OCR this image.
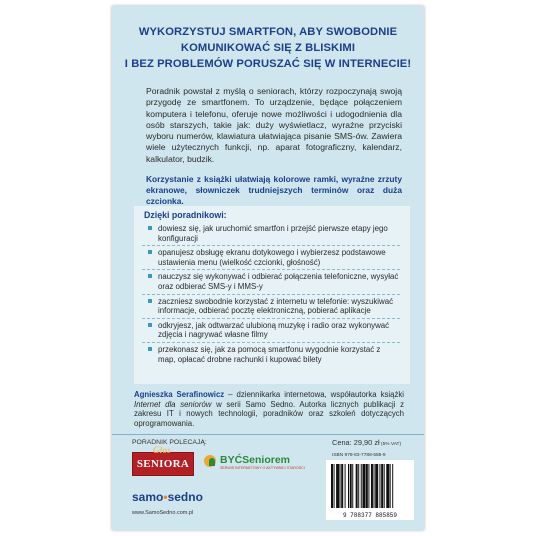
WYKORZYSTUJ SMARTFON, ABY SWOBODNIE
KOMUNIKOWAĆ SIĘ Z BLISKIMI
I BEZ PROBLEMÓW PORUSZAĆ SIĘ W INTERNECIE!
Poradnik powstał z myślą o seniorach, którzy rozpoczynają swoją przygodę ze smartfonem. To urządzenie, będące połączeniem komputera i telefonu, oferuje nowe możliwości i udogodnienia dla osób starszych, takie jak: duży wyświetlacz, wyraźne przyciski wyboru numerów, klawiatura ułatwiająca pisanie SMS-ów. Zawiera wiele użytecznych funkcji, np. aparat fotograficzny, kalendarz, kalkulator, budzik.
Korzystanie z książki ułatwiają kolorowe ramki, wyraźne zrzuty ekranowe, słowniczek trudniejszych terminów oraz duża czcionka.
Dzięki poradnikowi:
dowiesz się, jak uruchomić smartfon i przejść pierwsze etapy jego konfiguracji
opanujesz obsługę ekranu dotykowego i wybierzesz podstawowe ustawienia menu (wielkość czcionki, głośność)
nauczysz się wykonywać i odbierać połączenia telefoniczne, wysyłać oraz odbierać SMS-y i MMS-y
zaczniesz swobodnie korzystać z internetu w telefonie: wyszukiwać informacje, odbierać pocztę elektroniczną, pobierać aplikacje
odkryjesz, jak odtwarzać ulubioną muzykę i radio oraz wykonywać zdjęcia i nagrywać własne filmy
przekonasz się, jak za pomocą smartfonu wygodnie korzystać z map, opłacać drobne rachunki i kupować bilety
Agnieszka Serafinowicz – dziennikarka internetowa, współautorka książki Internet dla seniorów w serii Samo Sedno. Autorka licznych publikacji z zakresu IT i nowych technologii, poradników oraz szkoleń dotyczących oprogramowania.
PORADNIK POLECAJĄ:
Głos
SENIORA	BYĆSeniorem
SERWIS INTERNETOWY O AKTYWNEJ STAROŚCI
samo•sedno
www.SamoSedno.com.pl
Cena: 29,90 zł (5% VAT)
ISBN 978-83-7788-585-9
9 788377 885859
